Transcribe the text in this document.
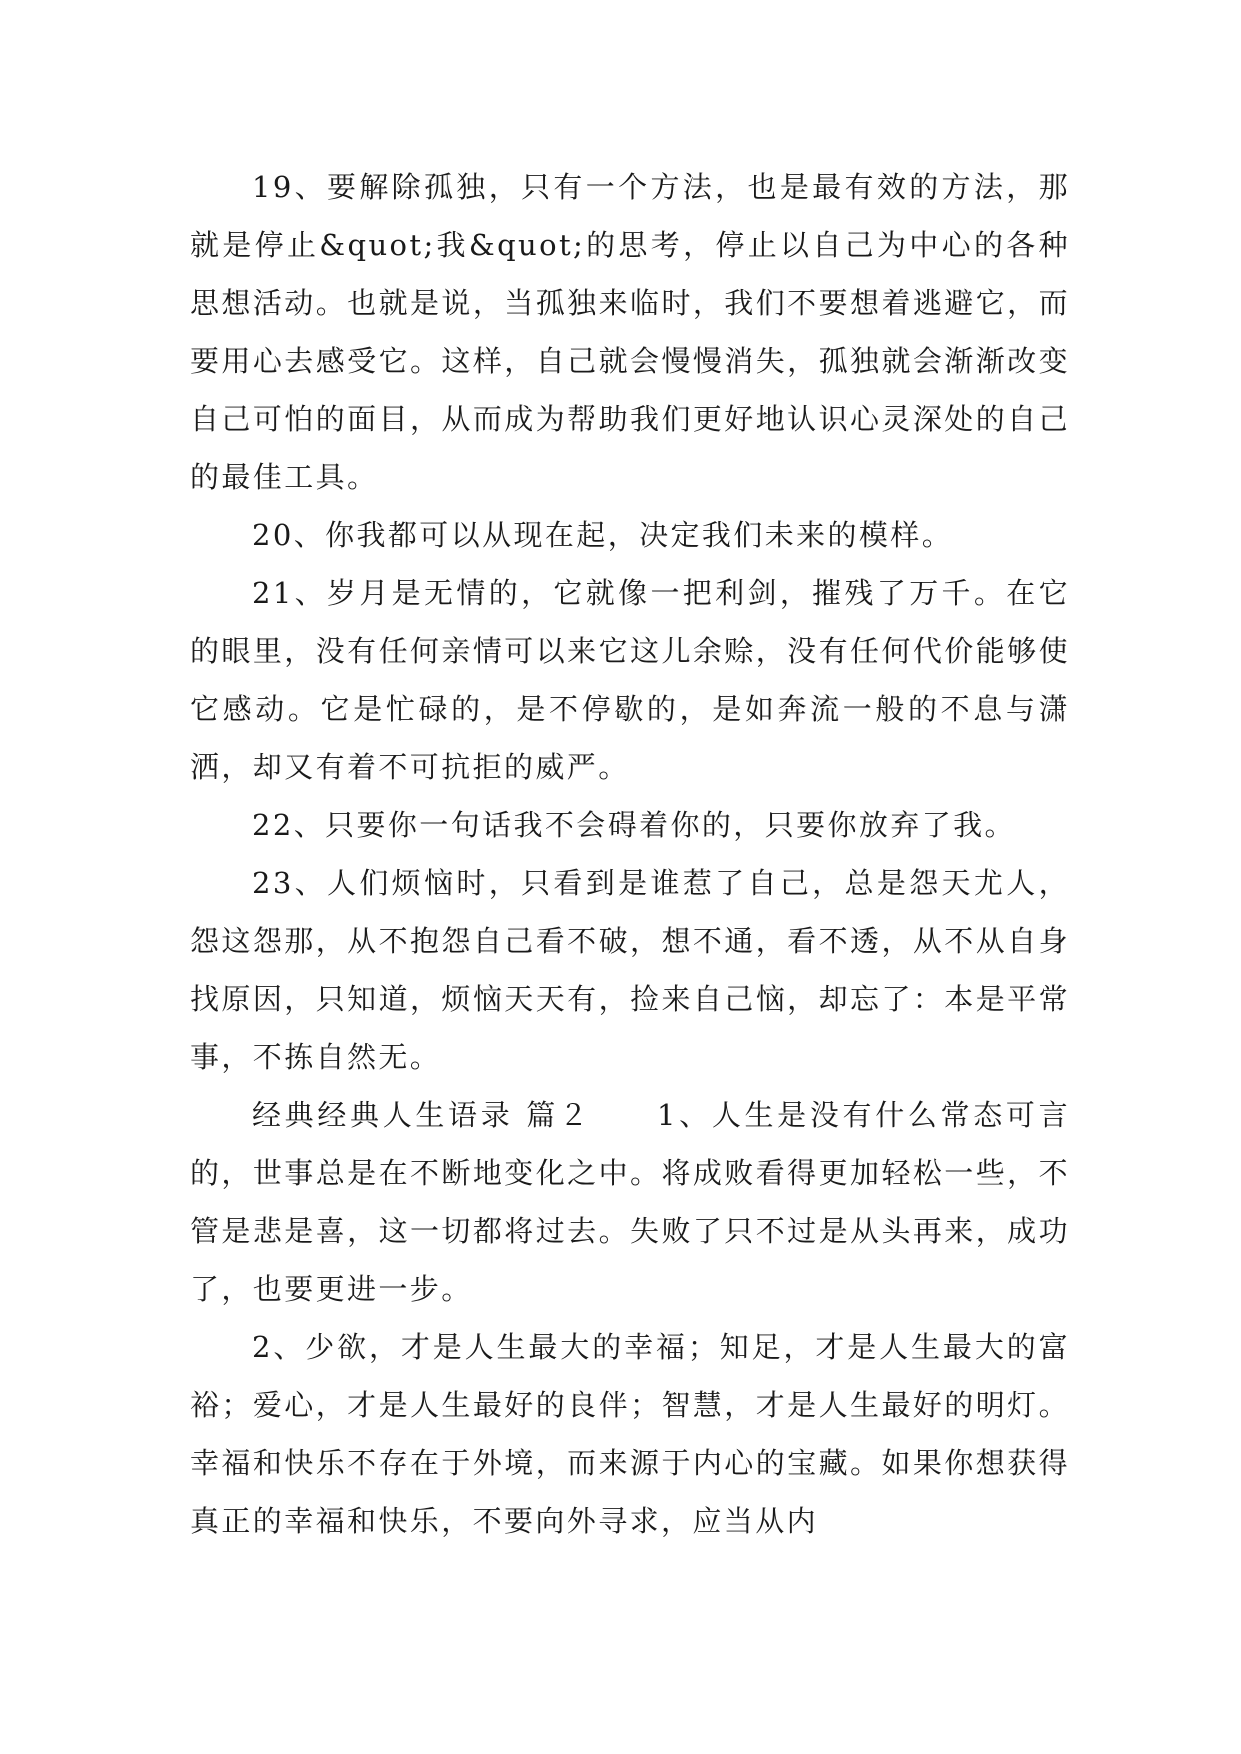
19、要解除孤独，只有一个方法，也是最有效的方法，那就是停止&quot;我&quot;的思考，停止以自己为中心的各种思想活动。也就是说，当孤独来临时，我们不要想着逃避它，而要用心去感受它。这样，自己就会慢慢消失，孤独就会渐渐改变自己可怕的面目，从而成为帮助我们更好地认识心灵深处的自己的最佳工具。

20、你我都可以从现在起，决定我们未来的模样。

21、岁月是无情的，它就像一把利剑，摧残了万千。在它的眼里，没有任何亲情可以来它这儿余赊，没有任何代价能够使它感动。它是忙碌的，是不停歇的，是如奔流一般的不息与潇洒，却又有着不可抗拒的威严。

22、只要你一句话我不会碍着你的，只要你放弃了我。

23、人们烦恼时，只看到是谁惹了自己，总是怨天尤人，怨这怨那，从不抱怨自己看不破，想不通，看不透，从不从自身找原因，只知道，烦恼天天有，捡来自己恼，却忘了：本是平常事，不拣自然无。

经典经典人生语录 篇２　　1、人生是没有什么常态可言的，世事总是在不断地变化之中。将成败看得更加轻松一些，不管是悲是喜，这一切都将过去。失败了只不过是从头再来，成功了，也要更进一步。

2、少欲，才是人生最大的幸福；知足，才是人生最大的富裕；爱心，才是人生最好的良伴；智慧，才是人生最好的明灯。幸福和快乐不存在于外境，而来源于内心的宝藏。如果你想获得真正的幸福和快乐，不要向外寻求，应当从内
